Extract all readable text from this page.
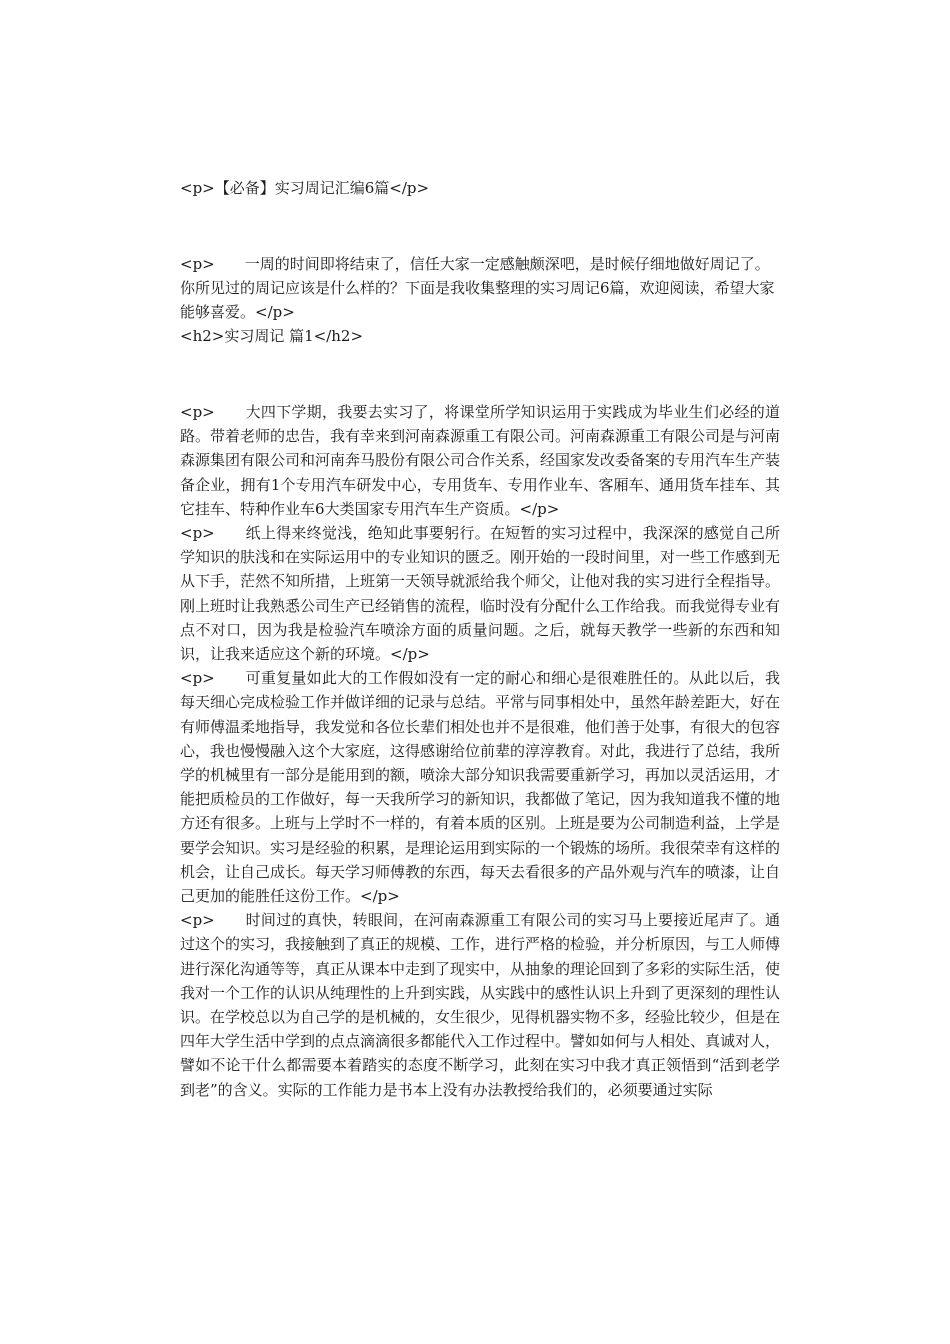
<p>【必备】实习周记汇编6篇</p>

<p>　　一周的时间即将结束了，信任大家一定感触颇深吧，是时候仔细地做好周记了。你所见过的周记应该是什么样的？下面是我收集整理的实习周记6篇，欢迎阅读，希望大家能够喜爱。</p>

<h2>实习周记 篇1</h2>

<p>　　大四下学期，我要去实习了，将课堂所学知识运用于实践成为毕业生们必经的道路。带着老师的忠告，我有幸来到河南森源重工有限公司。河南森源重工有限公司是与河南森源集团有限公司和河南奔马股份有限公司合作关系，经国家发改委备案的专用汽车生产装备企业，拥有1个专用汽车研发中心，专用货车、专用作业车、客厢车、通用货车挂车、其它挂车、特种作业车6大类国家专用汽车生产资质。</p>

<p>　　纸上得来终觉浅，绝知此事要躬行。在短暂的实习过程中，我深深的感觉自己所学知识的肤浅和在实际运用中的专业知识的匮乏。刚开始的一段时间里，对一些工作感到无从下手，茫然不知所措，上班第一天领导就派给我个师父，让他对我的实习进行全程指导。刚上班时让我熟悉公司生产已经销售的流程，临时没有分配什么工作给我。而我觉得专业有点不对口，因为我是检验汽车喷涂方面的质量问题。之后，就每天教学一些新的东西和知识，让我来适应这个新的环境。</p>

<p>　　可重复量如此大的工作假如没有一定的耐心和细心是很难胜任的。从此以后，我每天细心完成检验工作并做详细的记录与总结。平常与同事相处中，虽然年龄差距大，好在有师傅温柔地指导，我发觉和各位长辈们相处也并不是很难，他们善于处事，有很大的包容心，我也慢慢融入这个大家庭，这得感谢给位前辈的淳淳教育。对此，我进行了总结，我所学的机械里有一部分是能用到的额，喷涂大部分知识我需要重新学习，再加以灵活运用，才能把质检员的工作做好，每一天我所学习的新知识，我都做了笔记，因为我知道我不懂的地方还有很多。上班与上学时不一样的，有着本质的区别。上班是要为公司制造利益，上学是要学会知识。实习是经验的积累，是理论运用到实际的一个锻炼的场所。我很荣幸有这样的机会，让自己成长。每天学习师傅教的东西，每天去看很多的产品外观与汽车的喷漆，让自己更加的能胜任这份工作。</p>

<p>　　时间过的真快，转眼间，在河南森源重工有限公司的实习马上要接近尾声了。通过这个的实习，我接触到了真正的规模、工作，进行严格的检验，并分析原因，与工人师傅进行深化沟通等等，真正从课本中走到了现实中，从抽象的理论回到了多彩的实际生活，使我对一个工作的认识从纯理性的上升到实践，从实践中的感性认识上升到了更深刻的理性认识。在学校总以为自己学的是机械的，女生很少，见得机器实物不多，经验比较少，但是在四年大学生活中学到的点点滴滴很多都能代入工作过程中。譬如如何与人相处、真诚对人，譬如不论干什么都需要本着踏实的态度不断学习，此刻在实习中我才真正领悟到“活到老学到老”的含义。实际的工作能力是书本上没有办法教授给我们的，必须要通过实际
